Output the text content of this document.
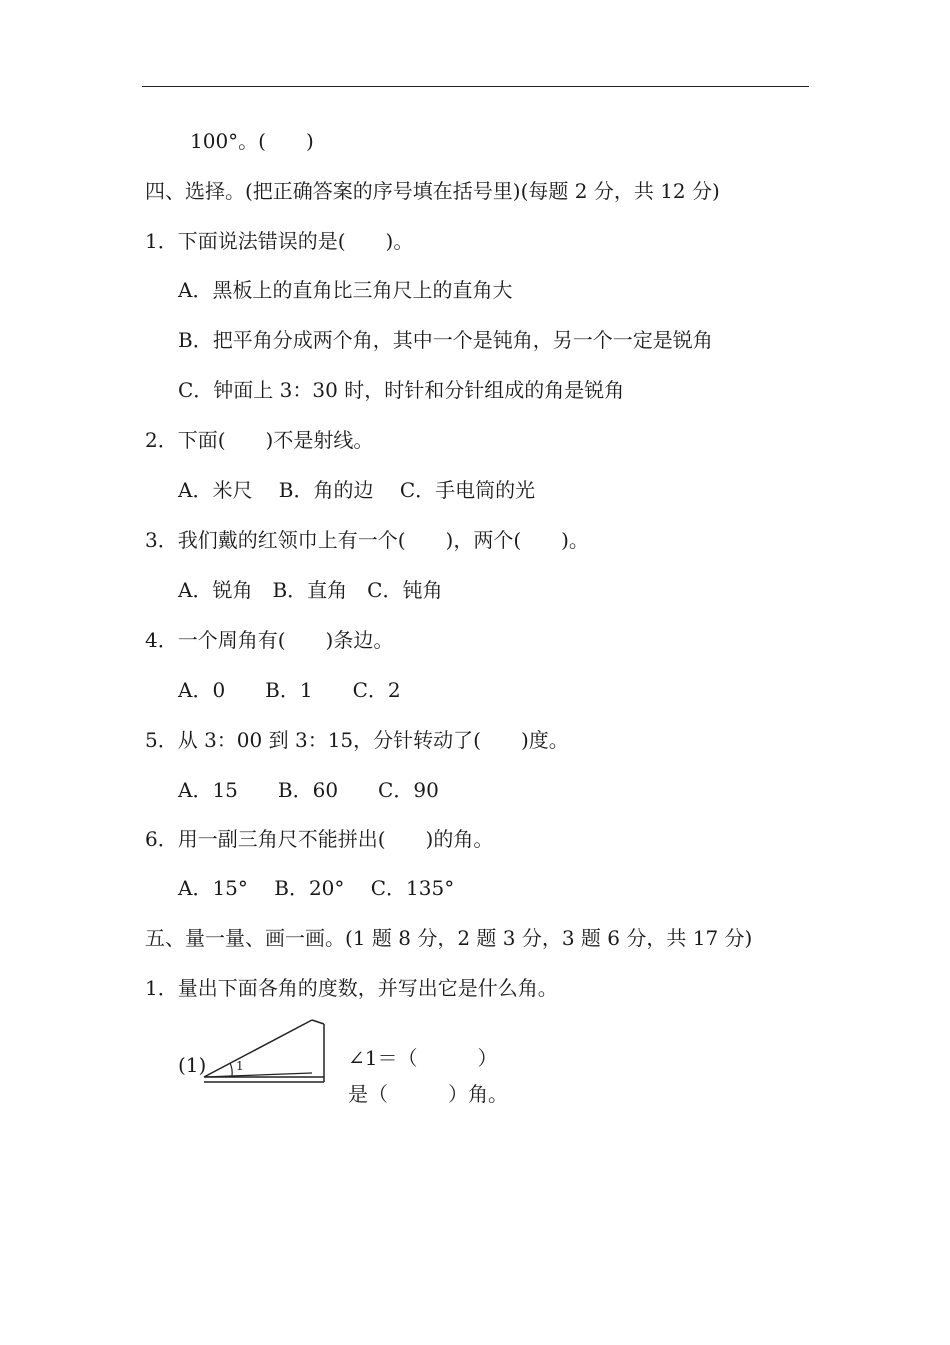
100°。(　　)
四、选择。(把正确答案的序号填在括号里)(每题 2 分，共 12 分)
1．下面说法错误的是(　　)。
A．黑板上的直角比三角尺上的直角大
B．把平角分成两个角，其中一个是钝角，另一个一定是锐角
C．钟面上 3：30 时，时针和分针组成的角是锐角
2．下面(　　)不是射线。
A．米尺　 B．角的边　 C．手电筒的光
3．我们戴的红领巾上有一个(　　)，两个(　　)。
A．锐角　B．直角　C．钝角
4．一个周角有(　　)条边。
A．0　　B．1　　C．2
5．从 3：00 到 3：15，分针转动了(　　)度。
A．15　　B．60　　C．90
6．用一副三角尺不能拼出(　　)的角。
A．15°　 B．20°　 C．135°
五、量一量、画一画。(1 题 8 分，2 题 3 分，3 题 6 分，共 17 分)
1．量出下面各角的度数，并写出它是什么角。
(1) 1	∠1＝（　　　）
是（　　　）角。
